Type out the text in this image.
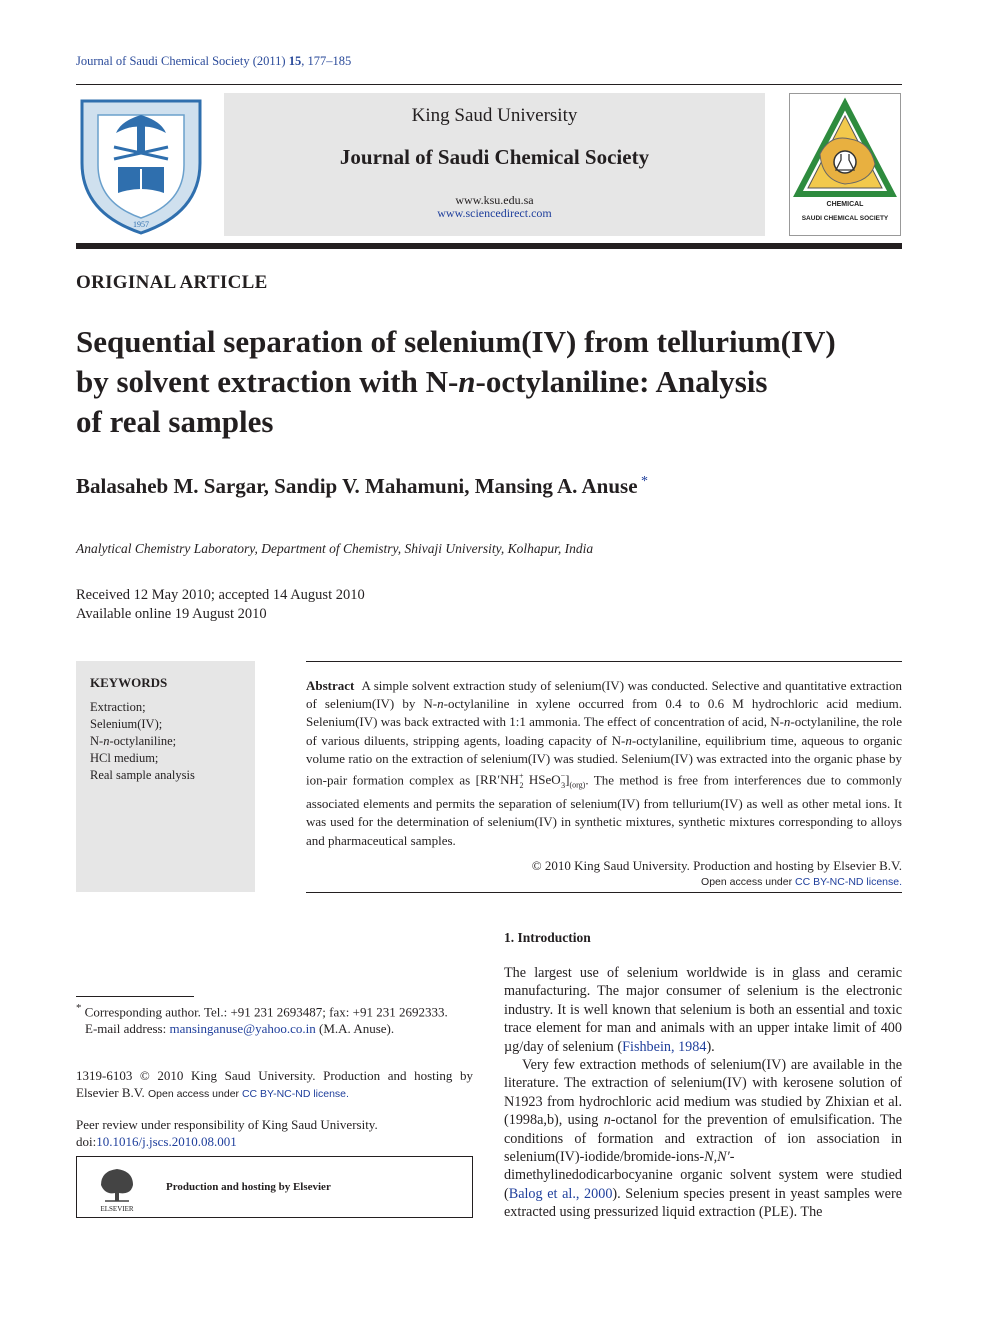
Journal of Saudi Chemical Society (2011) 15, 177–185
1957
King Saud University
Journal of Saudi Chemical Society
www.ksu.edu.sa
www.sciencedirect.com
CHEMICAL
SAUDI CHEMICAL SOCIETY
ORIGINAL ARTICLE
Sequential separation of selenium(IV) from tellurium(IV)
by solvent extraction with N-n-octylaniline: Analysis
of real samples
Balasaheb M. Sargar, Sandip V. Mahamuni, Mansing A. Anuse *
Analytical Chemistry Laboratory, Department of Chemistry, Shivaji University, Kolhapur, India
Received 12 May 2010; accepted 14 August 2010
Available online 19 August 2010
KEYWORDS
Extraction;
Selenium(IV);
N-n-octylaniline;
HCl medium;
Real sample analysis
Abstract A simple solvent extraction study of selenium(IV) was conducted. Selective and quantitative extraction of selenium(IV) by N-n-octylaniline in xylene occurred from 0.4 to 0.6 M hydrochloric acid medium. Selenium(IV) was back extracted with 1:1 ammonia. The effect of concentration of acid, N-n-octylaniline, the role of various diluents, stripping agents, loading capacity of N-n-octylaniline, equilibrium time, aqueous to organic volume ratio on the extraction of selenium(IV) was studied. Selenium(IV) was extracted into the organic phase by ion-pair formation complex as [$RR'NH^+_2$ $HSeO^-_3]_{(org)}$. The method is free from interferences due to commonly associated elements and permits the separation of selenium(IV) from tellurium(IV) as well as other metal ions. It was used for the determination of selenium(IV) in synthetic mixtures, synthetic mixtures corresponding to alloys and pharmaceutical samples.
© 2010 King Saud University. Production and hosting by Elsevier B.V.
Open access under CC BY-NC-ND license.
1. Introduction

The largest use of selenium worldwide is in glass and ceramic manufacturing. The major consumer of selenium is the electronic industry. It is well known that selenium is both an essential and toxic trace element for man and animals with an upper intake limit of 400 µg/day of selenium (Fishbein, 1984).

Very few extraction methods of selenium(IV) are available in the literature. The extraction of selenium(IV) with kerosene solution of N1923 from hydrochloric acid medium was studied by Zhixian et al. (1998a,b), using n-octanol for the prevention of emulsification. The conditions of formation and extraction of ion association in selenium(IV)-iodide/bromide-ions-N,N′-dimethylinedodicarbocyanine organic solvent system were studied (Balog et al., 2000). Selenium species present in yeast samples were extracted using pressurized liquid extraction (PLE). The

* Corresponding author. Tel.: +91 231 2693487; fax: +91 231 2692333.

E-mail address: mansinganuse@yahoo.co.in (M.A. Anuse).

1319-6103 © 2010 King Saud University. Production and hosting by Elsevier B.V. Open access under CC BY-NC-ND license.
Peer review under responsibility of King Saud University.
doi:10.1016/j.jscs.2010.08.001
ELSEVIER
Production and hosting by Elsevier
